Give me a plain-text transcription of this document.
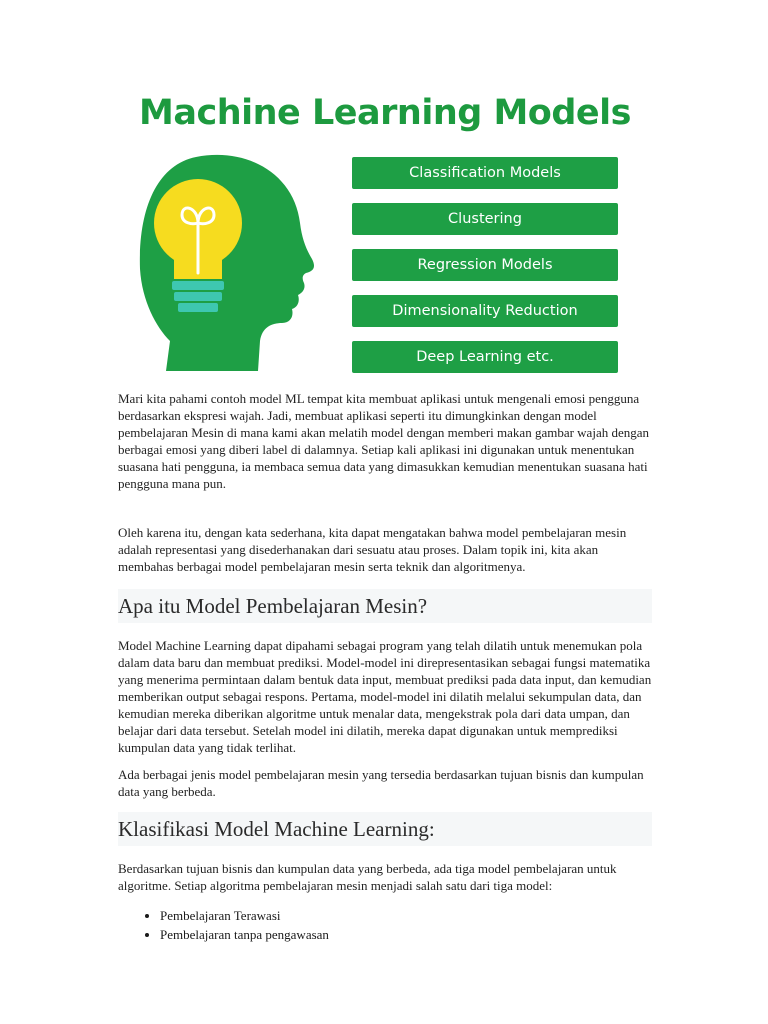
Machine Learning Models
Classification Models
Clustering
Regression Models
Dimensionality Reduction
Deep Learning etc.

Mari kita pahami contoh model ML tempat kita membuat aplikasi untuk mengenali emosi pengguna berdasarkan ekspresi wajah. Jadi, membuat aplikasi seperti itu dimungkinkan dengan model pembelajaran Mesin di mana kami akan melatih model dengan memberi makan gambar wajah dengan berbagai emosi yang diberi label di dalamnya. Setiap kali aplikasi ini digunakan untuk menentukan suasana hati pengguna, ia membaca semua data yang dimasukkan kemudian menentukan suasana hati pengguna mana pun.

Oleh karena itu, dengan kata sederhana, kita dapat mengatakan bahwa model pembelajaran mesin adalah representasi yang disederhanakan dari sesuatu atau proses. Dalam topik ini, kita akan membahas berbagai model pembelajaran mesin serta teknik dan algoritmenya.

Apa itu Model Pembelajaran Mesin?

Model Machine Learning dapat dipahami sebagai program yang telah dilatih untuk menemukan pola dalam data baru dan membuat prediksi. Model-model ini direpresentasikan sebagai fungsi matematika yang menerima permintaan dalam bentuk data input, membuat prediksi pada data input, dan kemudian memberikan output sebagai respons. Pertama, model-model ini dilatih melalui sekumpulan data, dan kemudian mereka diberikan algoritme untuk menalar data, mengekstrak pola dari data umpan, dan belajar dari data tersebut. Setelah model ini dilatih, mereka dapat digunakan untuk memprediksi kumpulan data yang tidak terlihat.

Ada berbagai jenis model pembelajaran mesin yang tersedia berdasarkan tujuan bisnis dan kumpulan data yang berbeda.

Klasifikasi Model Machine Learning:

Berdasarkan tujuan bisnis dan kumpulan data yang berbeda, ada tiga model pembelajaran untuk algoritme. Setiap algoritma pembelajaran mesin menjadi salah satu dari tiga model:

• Pembelajaran Terawasi
• Pembelajaran tanpa pengawasan
